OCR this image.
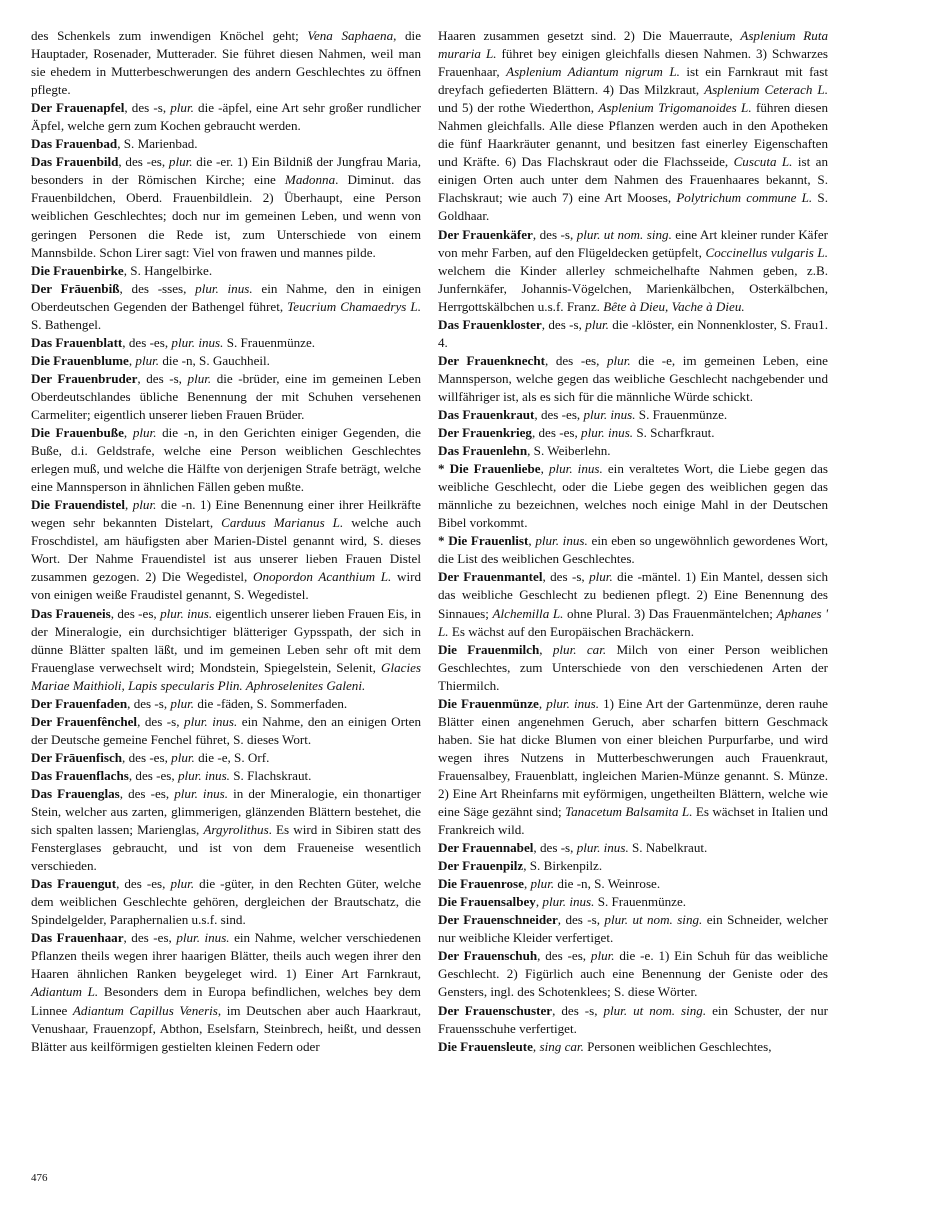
des Schenkels zum inwendigen Knöchel geht; Vena Saphaena, die Hauptader, Rosenader, Mutterader. Sie führet diesen Nahmen, weil man sie ehedem in Mutterbeschwerungen des andern Geschlechtes zu öffnen pflegte.

Der Frauenapfel, des -s, plur. die -äpfel, eine Art sehr großer rundlicher Äpfel, welche gern zum Kochen gebraucht werden.

Das Frauenbad, S. Marienbad.

Das Frauenbild, des -es, plur. die -er. 1) Ein Bildniß der Jungfrau Maria, besonders in der Römischen Kirche; eine Madonna. Diminut. das Frauenbildchen, Oberd. Frauenbildlein. 2) Überhaupt, eine Person weiblichen Geschlechtes; doch nur im gemeinen Leben, und wenn von geringen Personen die Rede ist, zum Unterschiede von einem Mannsbilde. Schon Lirer sagt: Viel von frawen und mannes pilde.

Die Frauenbirke, S. Hangelbirke.

Der Frāuenbiß, des -sses, plur. inus. ein Nahme, den in einigen Oberdeutschen Gegenden der Bathengel führet, Teucrium Chamaedrys L. S. Bathengel.

Das Frauenblatt, des -es, plur. inus. S. Frauenmünze.

Die Frauenblume, plur. die -n, S. Gauchheil.

Der Frauenbruder, des -s, plur. die -brüder, eine im gemeinen Leben Oberdeutschlandes übliche Benennung der mit Schuhen versehenen Carmeliter; eigentlich unserer lieben Frauen Brüder.

Die Frauenbuße, plur. die -n, in den Gerichten einiger Gegenden, die Buße, d.i. Geldstrafe, welche eine Person weiblichen Geschlechtes erlegen muß, und welche die Hälfte von derjenigen Strafe beträgt, welche eine Mannsperson in ähnlichen Fällen geben mußte.

Die Frauendistel, plur. die -n. 1) Eine Benennung einer ihrer Heilkräfte wegen sehr bekannten Distelart, Carduus Marianus L. welche auch Froschdistel, am häufigsten aber Marien-Distel genannt wird, S. dieses Wort. Der Nahme Frauendistel ist aus unserer lieben Frauen Distel zusammen gezogen. 2) Die Wegedistel, Onopordon Acanthium L. wird von einigen weiße Fraudistel genannt, S. Wegedistel.

Das Fraueneis, des -es, plur. inus. eigentlich unserer lieben Frauen Eis, in der Mineralogie, ein durchsichtiger blätteriger Gypsspath, der sich in dünne Blätter spalten läßt, und im gemeinen Leben sehr oft mit dem Frauenglase verwechselt wird; Mondstein, Spiegelstein, Selenit, Glacies Mariae Maithioli, Lapis specularis Plin. Aphroselenites Galeni.

Der Frauenfaden, des -s, plur. die -fäden, S. Sommerfaden.

Der Frauenfênchel, des -s, plur. inus. ein Nahme, den an einigen Orten der Deutsche gemeine Fenchel führet, S. dieses Wort.

Der Frāuenfisch, des -es, plur. die -e, S. Orf.

Das Frauenflachs, des -es, plur. inus. S. Flachskraut.

Das Frauenglas, des -es, plur. inus. in der Mineralogie, ein thonartiger Stein, welcher aus zarten, glimmerigen, glänzenden Blättern bestehet, die sich spalten lassen; Marienglas, Argyrolithus. Es wird in Sibiren statt des Fensterglases gebraucht, und ist von dem Fraueneise wesentlich verschieden.

Das Frauengut, des -es, plur. die -güter, in den Rechten Güter, welche dem weiblichen Geschlechte gehören, dergleichen der Brautschatz, die Spindelgelder, Paraphernalien u.s.f. sind.

Das Frauenhaar, des -es, plur. inus. ein Nahme, welcher verschiedenen Pflanzen theils wegen ihrer haarigen Blätter, theils auch wegen ihrer den Haaren ähnlichen Ranken beygeleget wird. 1) Einer Art Farnkraut, Adiantum L. Besonders dem in Europa befindlichen, welches bey dem Linnee Adiantum Capillus Veneris, im Deutschen aber auch Haarkraut, Venushaar, Frauenzopf, Abthon, Eselsfarn, Steinbrech, heißt, und dessen Blätter aus keilförmigen gestielten kleinen Federn oder

Haaren zusammen gesetzt sind. 2) Die Mauerraute, Asplenium Ruta muraria L. führet bey einigen gleichfalls diesen Nahmen. 3) Schwarzes Frauenhaar, Asplenium Adiantum nigrum L. ist ein Farnkraut mit fast dreyfach gefiederten Blättern. 4) Das Milzkraut, Asplenium Ceterach L. und 5) der rothe Wiederthon, Asplenium Trigomanoides L. führen diesen Nahmen gleichfalls. Alle diese Pflanzen werden auch in den Apotheken die fünf Haarkräuter genannt, und besitzen fast einerley Eigenschaften und Kräfte. 6) Das Flachskraut oder die Flachsseide, Cuscuta L. ist an einigen Orten auch unter dem Nahmen des Frauenhaares bekannt, S. Flachskraut; wie auch 7) eine Art Mooses, Polytrichum commune L. S. Goldhaar.

Der Frauenkäfer, des -s, plur. ut nom. sing. eine Art kleiner runder Käfer von mehr Farben, auf den Flügeldecken getüpfelt, Coccinellus vulgaris L. welchem die Kinder allerley schmeichelhafte Nahmen geben, z.B. Junfernkäfer, Johannis-Vögelchen, Marienkälbchen, Osterkälbchen, Herrgottskälbchen u.s.f. Franz. Bête à Dieu, Vache à Dieu.

Das Frauenkloster, des -s, plur. die -klöster, ein Nonnenkloster, S. Frau1. 4.

Der Frauenknecht, des -es, plur. die -e, im gemeinen Leben, eine Mannsperson, welche gegen das weibliche Geschlecht nachgebender und willfähriger ist, als es sich für die männliche Würde schickt.

Das Frauenkraut, des -es, plur. inus. S. Frauenmünze.

Der Frauenkrieg, des -es, plur. inus. S. Scharfkraut.

Das Frauenlehn, S. Weiberlehn.

* Die Frauenliebe, plur. inus. ein veraltetes Wort, die Liebe gegen das weibliche Geschlecht, oder die Liebe gegen des weiblichen gegen das männliche zu bezeichnen, welches noch einige Mahl in der Deutschen Bibel vorkommt.

* Die Frauenlist, plur. inus. ein eben so ungewöhnlich gewordenes Wort, die List des weiblichen Geschlechtes.

Der Frauenmantel, des -s, plur. die -mäntel. 1) Ein Mantel, dessen sich das weibliche Geschlecht zu bedienen pflegt. 2) Eine Benennung des Sinnaues; Alchemilla L. ohne Plural. 3) Das Frauenmäntelchen; Aphanes ' L. Es wächst auf den Europäischen Brachäckern.

Die Frauenmilch, plur. car. Milch von einer Person weiblichen Geschlechtes, zum Unterschiede von den verschiedenen Arten der Thiermilch.

Die Frauenmünze, plur. inus. 1) Eine Art der Gartenmünze, deren rauhe Blätter einen angenehmen Geruch, aber scharfen bittern Geschmack haben. Sie hat dicke Blumen von einer bleichen Purpurfarbe, und wird wegen ihres Nutzens in Mutterbeschwerungen auch Frauenkraut, Frauensalbey, Frauenblatt, ingleichen Marien-Münze genannt. S. Münze. 2) Eine Art Rheinfarns mit eyförmigen, ungetheilten Blättern, welche wie eine Säge gezähnt sind; Tanacetum Balsamita L. Es wächset in Italien und Frankreich wild.

Der Frauennabel, des -s, plur. inus. S. Nabelkraut.

Der Frauenpilz, S. Birkenpilz.

Die Frauenrose, plur. die -n, S. Weinrose.

Die Frauensalbey, plur. inus. S. Frauenmünze.

Der Frauenschneider, des -s, plur. ut nom. sing. ein Schneider, welcher nur weibliche Kleider verfertiget.

Der Frauenschuh, des -es, plur. die -e. 1) Ein Schuh für das weibliche Geschlecht. 2) Figürlich auch eine Benennung der Geniste oder des Gensters, ingl. des Schotenklees; S. diese Wörter.

Der Frauenschuster, des -s, plur. ut nom. sing. ein Schuster, der nur Frauensschuhe verfertiget.

Die Frauensleute, sing car. Personen weiblichen Geschlechtes,

476
